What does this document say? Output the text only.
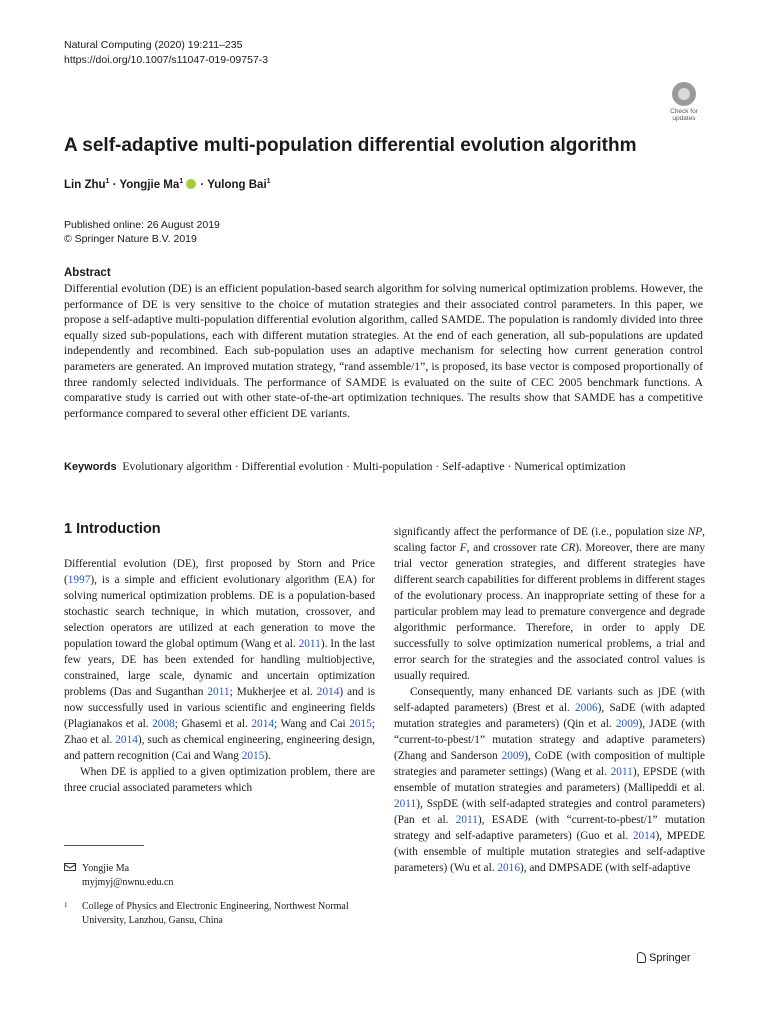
Natural Computing (2020) 19:211–235
https://doi.org/10.1007/s11047-019-09757-3
Check for
updates
A self-adaptive multi-population differential evolution algorithm
Lin Zhu$^1$ · Yongjie $Ma^1$ · Yulong Bai$^1$
Published online: 26 August 2019
© Springer Nature B.V. 2019
Abstract

Differential evolution (DE) is an efficient population-based search algorithm for solving numerical optimization problems. However, the performance of DE is very sensitive to the choice of mutation strategies and their associated control parameters. In this paper, we propose a self-adaptive multi-population differential evolution algorithm, called SAMDE. The population is randomly divided into three equally sized sub-populations, each with different mutation strategies. At the end of each generation, all sub-populations are updated independently and recombined. Each sub-population uses an adaptive mechanism for selecting how current generation control parameters are generated. An improved mutation strategy, “rand assemble/1”, is proposed, its base vector is composed proportionally of three randomly selected individuals. The performance of SAMDE is evaluated on the suite of CEC 2005 benchmark functions. A comparative study is carried out with other state-of-the-art optimization techniques. The results show that SAMDE has a competitive performance compared to several other efficient DE variants.

Keywords Evolutionary algorithm · Differential evolution · Multi-population · Self-adaptive · Numerical optimization
1 Introduction

Differential evolution (DE), first proposed by Storn and Price (1997), is a simple and efficient evolutionary algorithm (EA) for solving numerical optimization problems. DE is a population-based stochastic search technique, in which mutation, crossover, and selection operators are utilized at each generation to move the population toward the global optimum (Wang et al. 2011). In the last few years, DE has been extended for handling multiobjective, constrained, large scale, dynamic and uncertain optimization problems (Das and Suganthan 2011; Mukherjee et al. 2014) and is now successfully used in various scientific and engineering fields (Plagianakos et al. 2008; Ghasemi et al. 2014; Wang and Cai 2015; Zhao et al. 2014), such as chemical engineering, engineering design, and pattern recognition (Cai and Wang 2015).

When DE is applied to a given optimization problem, there are three crucial associated parameters which

significantly affect the performance of DE (i.e., population size NP, scaling factor F, and crossover rate CR). Moreover, there are many trial vector generation strategies, and different strategies have different search capabilities for different problems in different stages of the evolutionary process. An inappropriate setting of these for a particular problem may lead to premature convergence and degrade algorithmic performance. Therefore, in order to apply DE successfully to solve optimization numerical problems, a trial and error search for the strategies and the associated control values is usually required.

Consequently, many enhanced DE variants such as jDE (with self-adapted parameters) (Brest et al. 2006), SaDE (with adapted mutation strategies and parameters) (Qin et al. 2009), JADE (with “current-to-pbest/1” mutation strategy and adaptive parameters) (Zhang and Sanderson 2009), CoDE (with composition of multiple strategies and parameter settings) (Wang et al. 2011), EPSDE (with ensemble of mutation strategies and parameters) (Mallipeddi et al. 2011), SspDE (with self-adapted strategies and control parameters) (Pan et al. 2011), ESADE (with “current-to-pbest/1” mutation strategy and self-adaptive parameters) (Guo et al. 2014), MPEDE (with ensemble of multiple mutation strategies and self-adaptive parameters) (Wu et al. 2016), and DMPSADE (with self-adaptive

Yongjie Ma
myjmyj@nwnu.edu.cn
1 College of Physics and Electronic Engineering, Northwest Normal University, Lanzhou, Gansu, China
Springer
